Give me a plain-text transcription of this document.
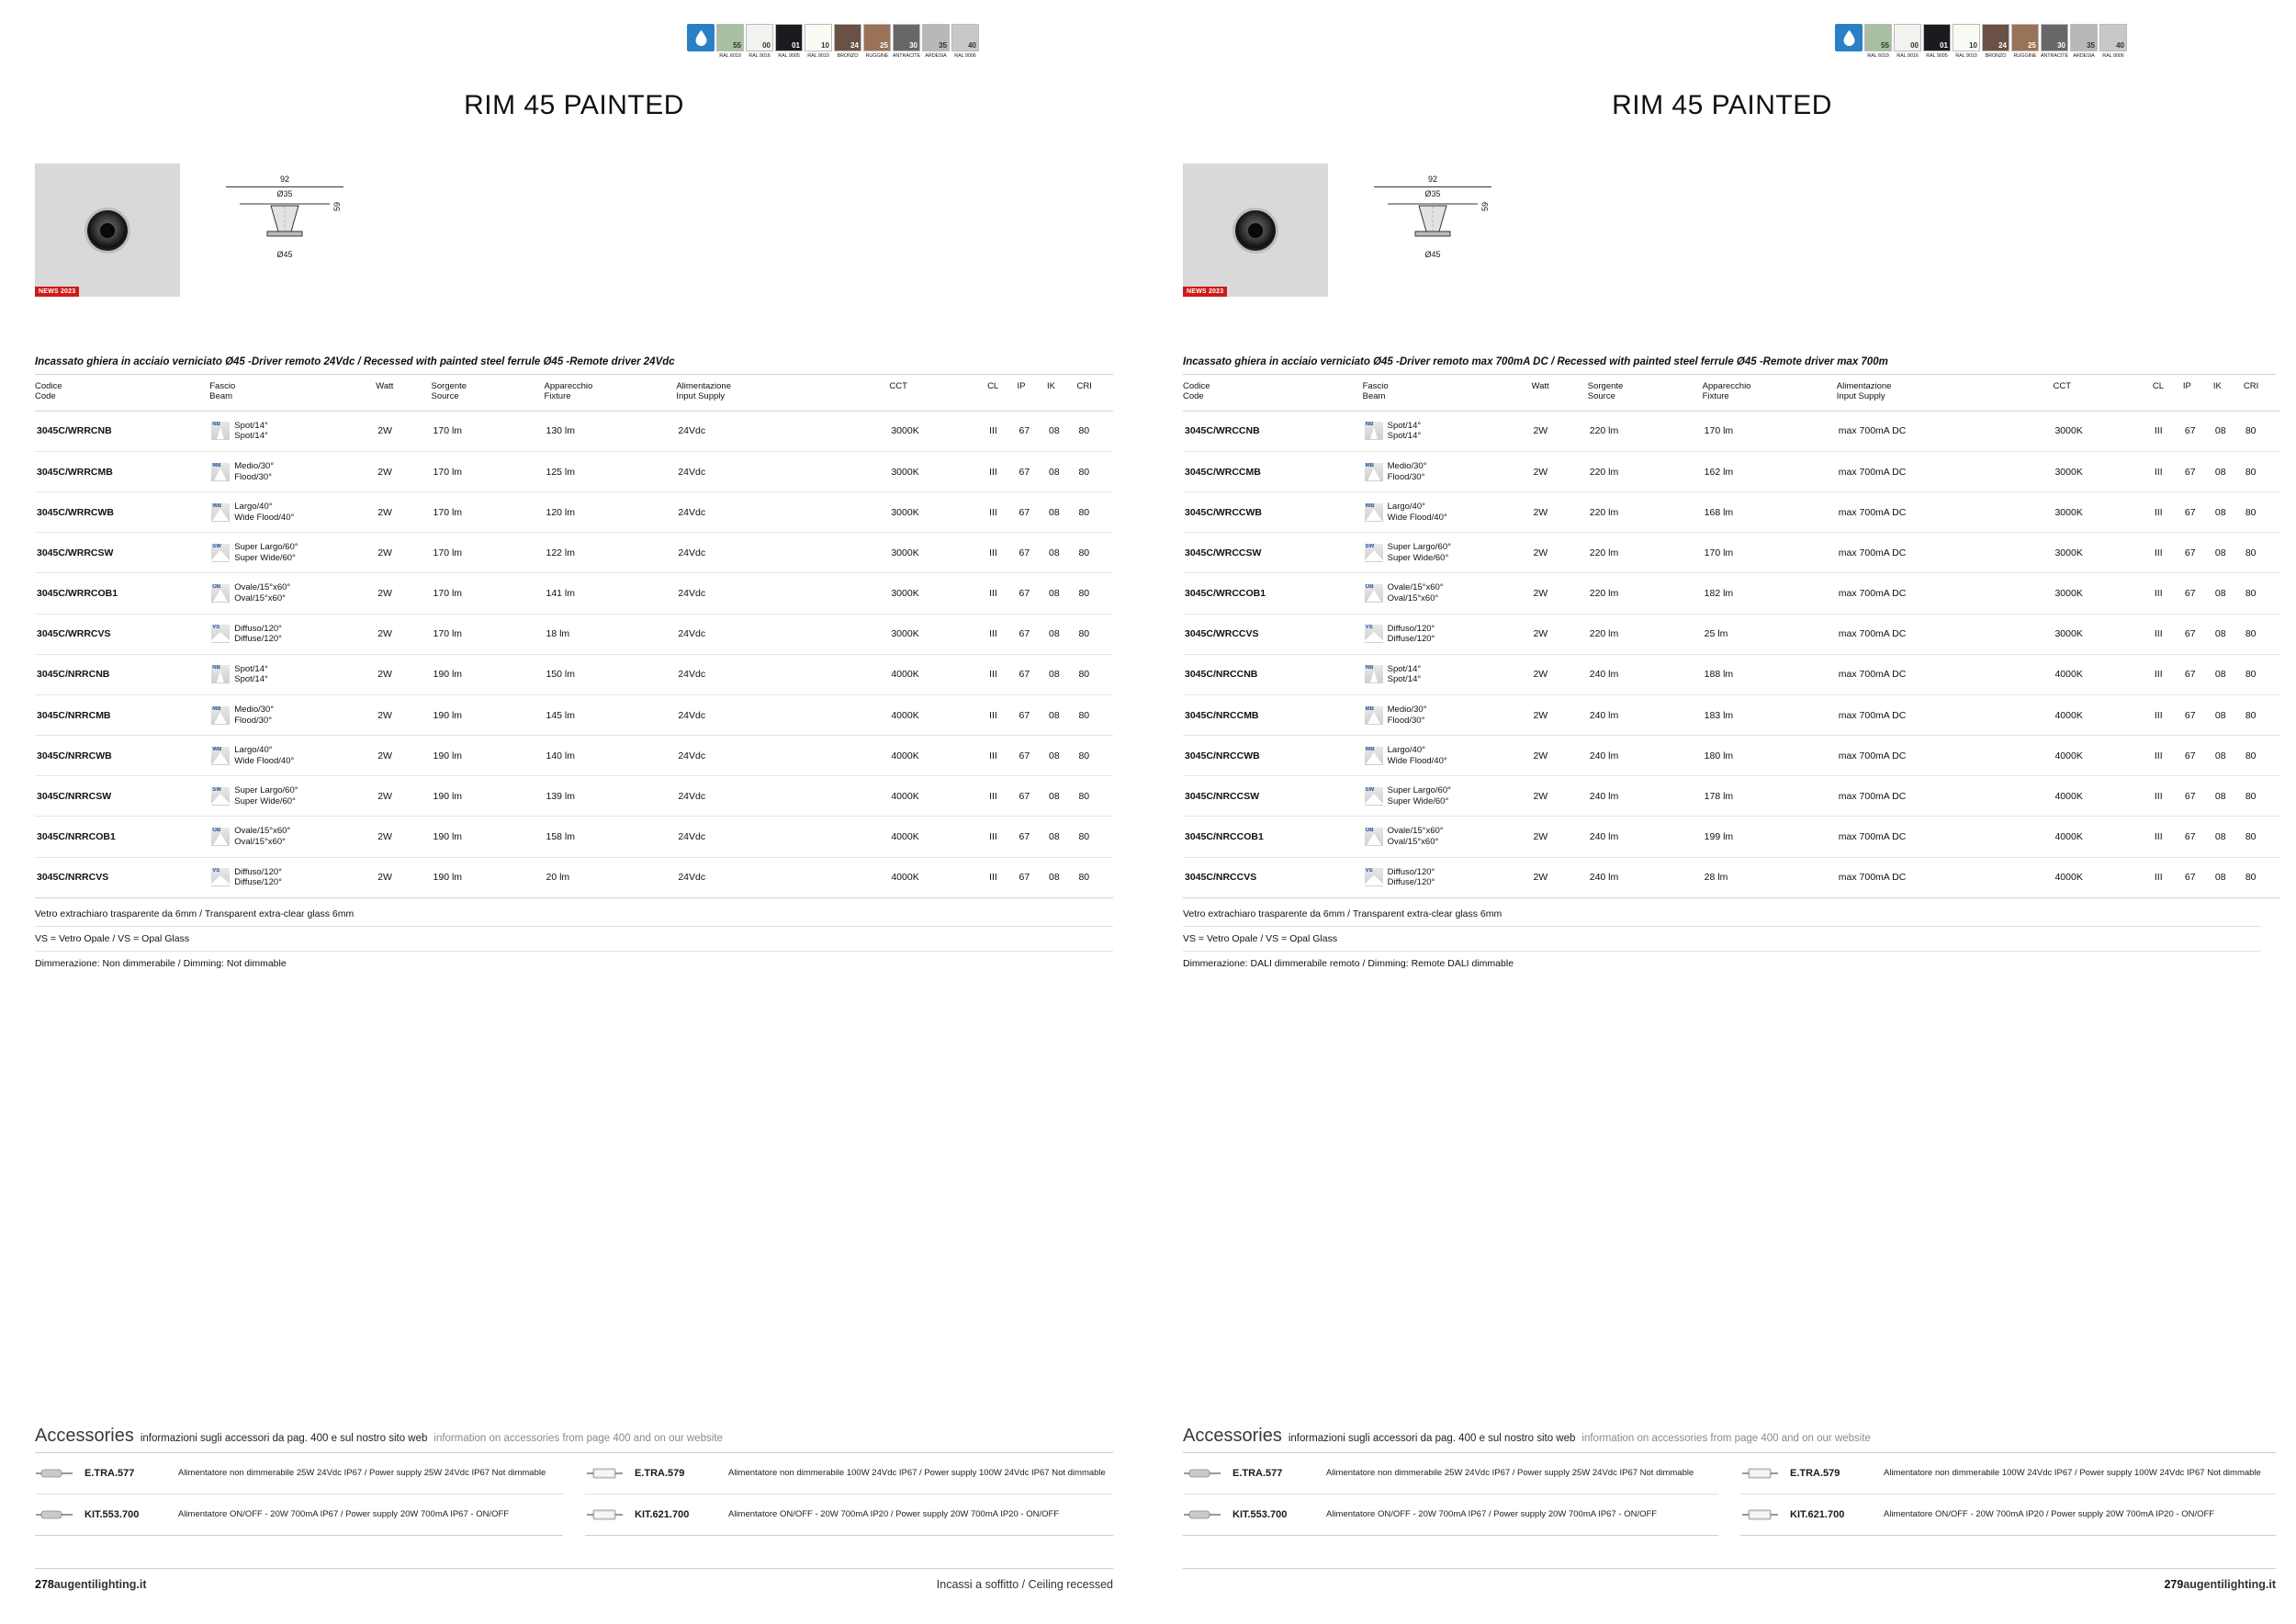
55
RAL 6019
00
RAL 9016
01
RAL 9005
10
RAL 9010
24
BRONZO
25
RUGGINE
30
ANTRACITE
35
ARDESIA
40
RAL 9006
RIM 45 PAINTED
NEWS 2023
92
Ø35
59
Ø45
Incassato ghiera in acciaio verniciato Ø45 -Driver remoto 24Vdc / Recessed with painted steel ferrule Ø45 -Remote driver 24Vdc
Codice
Code	Fascio
Beam	Watt	Sorgente
Source	Apparecchio
Fixture	Alimentazione
Input Supply	CCT	CL	IP	IK	CRI
3045C/WRRCNB	NB Spot/14°
Spot/14°	2W	170 lm	130 lm	24Vdc	3000K	III	67	08	80
3045C/WRRCMB	MB Medio/30°
Flood/30°	2W	170 lm	125 lm	24Vdc	3000K	III	67	08	80
3045C/WRRCWB	WB Largo/40°
Wide Flood/40°	2W	170 lm	120 lm	24Vdc	3000K	III	67	08	80
3045C/WRRCSW	SW Super Largo/60°
Super Wide/60°	2W	170 lm	122 lm	24Vdc	3000K	III	67	08	80
3045C/WRRCOB1	OB Ovale/15°x60°
Oval/15°x60°	2W	170 lm	141 lm	24Vdc	3000K	III	67	08	80
3045C/WRRCVS	VS Diffuso/120°
Diffuse/120°	2W	170 lm	18 lm	24Vdc	3000K	III	67	08	80
3045C/NRRCNB	NB Spot/14°
Spot/14°	2W	190 lm	150 lm	24Vdc	4000K	III	67	08	80
3045C/NRRCMB	MB Medio/30°
Flood/30°	2W	190 lm	145 lm	24Vdc	4000K	III	67	08	80
3045C/NRRCWB	WB Largo/40°
Wide Flood/40°	2W	190 lm	140 lm	24Vdc	4000K	III	67	08	80
3045C/NRRCSW	SW Super Largo/60°
Super Wide/60°	2W	190 lm	139 lm	24Vdc	4000K	III	67	08	80
3045C/NRRCOB1	OB Ovale/15°x60°
Oval/15°x60°	2W	190 lm	158 lm	24Vdc	4000K	III	67	08	80
3045C/NRRCVS	VS Diffuso/120°
Diffuse/120°	2W	190 lm	20 lm	24Vdc	4000K	III	67	08	80
Vetro extrachiaro trasparente da 6mm / Transparent extra-clear glass 6mm
VS = Vetro Opale / VS = Opal Glass
Dimmerazione: Non dimmerabile / Dimming: Not dimmable
Accessories informazioni sugli accessori da pag. 400 e sul nostro sito web information on accessories from page 400 and on our website
E.TRA.577	Alimentatore non dimmerabile 25W 24Vdc IP67 / Power supply 25W 24Vdc IP67 Not dimmable
KIT.553.700	Alimentatore ON/OFF - 20W 700mA IP67 / Power supply 20W 700mA IP67 - ON/OFF
E.TRA.579	Alimentatore non dimmerabile 100W 24Vdc IP67 / Power supply 100W 24Vdc IP67 Not dimmable
KIT.621.700	Alimentatore ON/OFF - 20W 700mA IP20 / Power supply 20W 700mA IP20 - ON/OFF
278augentilighting.it	Incassi a soffitto / Ceiling recessed
55
RAL 6019
00
RAL 9016
01
RAL 9005
10
RAL 9010
24
BRONZO
25
RUGGINE
30
ANTRACITE
35
ARDESIA
40
RAL 9006
RIM 45 PAINTED
NEWS 2023
92
Ø35
59
Ø45
Incassato ghiera in acciaio verniciato Ø45 -Driver remoto max 700mA DC / Recessed with painted steel ferrule Ø45 -Remote driver max 700m
Codice
Code	Fascio
Beam	Watt	Sorgente
Source	Apparecchio
Fixture	Alimentazione
Input Supply	CCT	CL	IP	IK	CRI
3045C/WRCCNB	NB Spot/14°
Spot/14°	2W	220 lm	170 lm	max 700mA DC	3000K	III	67	08	80
3045C/WRCCMB	MB Medio/30°
Flood/30°	2W	220 lm	162 lm	max 700mA DC	3000K	III	67	08	80
3045C/WRCCWB	WB Largo/40°
Wide Flood/40°	2W	220 lm	168 lm	max 700mA DC	3000K	III	67	08	80
3045C/WRCCSW	SW Super Largo/60°
Super Wide/60°	2W	220 lm	170 lm	max 700mA DC	3000K	III	67	08	80
3045C/WRCCOB1	OB Ovale/15°x60°
Oval/15°x60°	2W	220 lm	182 lm	max 700mA DC	3000K	III	67	08	80
3045C/WRCCVS	VS Diffuso/120°
Diffuse/120°	2W	220 lm	25 lm	max 700mA DC	3000K	III	67	08	80
3045C/NRCCNB	NB Spot/14°
Spot/14°	2W	240 lm	188 lm	max 700mA DC	4000K	III	67	08	80
3045C/NRCCMB	MB Medio/30°
Flood/30°	2W	240 lm	183 lm	max 700mA DC	4000K	III	67	08	80
3045C/NRCCWB	WB Largo/40°
Wide Flood/40°	2W	240 lm	180 lm	max 700mA DC	4000K	III	67	08	80
3045C/NRCCSW	SW Super Largo/60°
Super Wide/60°	2W	240 lm	178 lm	max 700mA DC	4000K	III	67	08	80
3045C/NRCCOB1	OB Ovale/15°x60°
Oval/15°x60°	2W	240 lm	199 lm	max 700mA DC	4000K	III	67	08	80
3045C/NRCCVS	VS Diffuso/120°
Diffuse/120°	2W	240 lm	28 lm	max 700mA DC	4000K	III	67	08	80
Vetro extrachiaro trasparente da 6mm / Transparent extra-clear glass 6mm
VS = Vetro Opale / VS = Opal Glass
Dimmerazione: DALI dimmerabile remoto / Dimming: Remote DALI dimmable
Accessories informazioni sugli accessori da pag. 400 e sul nostro sito web information on accessories from page 400 and on our website
E.TRA.577	Alimentatore non dimmerabile 25W 24Vdc IP67 / Power supply 25W 24Vdc IP67 Not dimmable
KIT.553.700	Alimentatore ON/OFF - 20W 700mA IP67 / Power supply 20W 700mA IP67 - ON/OFF
E.TRA.579	Alimentatore non dimmerabile 100W 24Vdc IP67 / Power supply 100W 24Vdc IP67 Not dimmable
KIT.621.700	Alimentatore ON/OFF - 20W 700mA IP20 / Power supply 20W 700mA IP20 - ON/OFF
279augentilighting.it
